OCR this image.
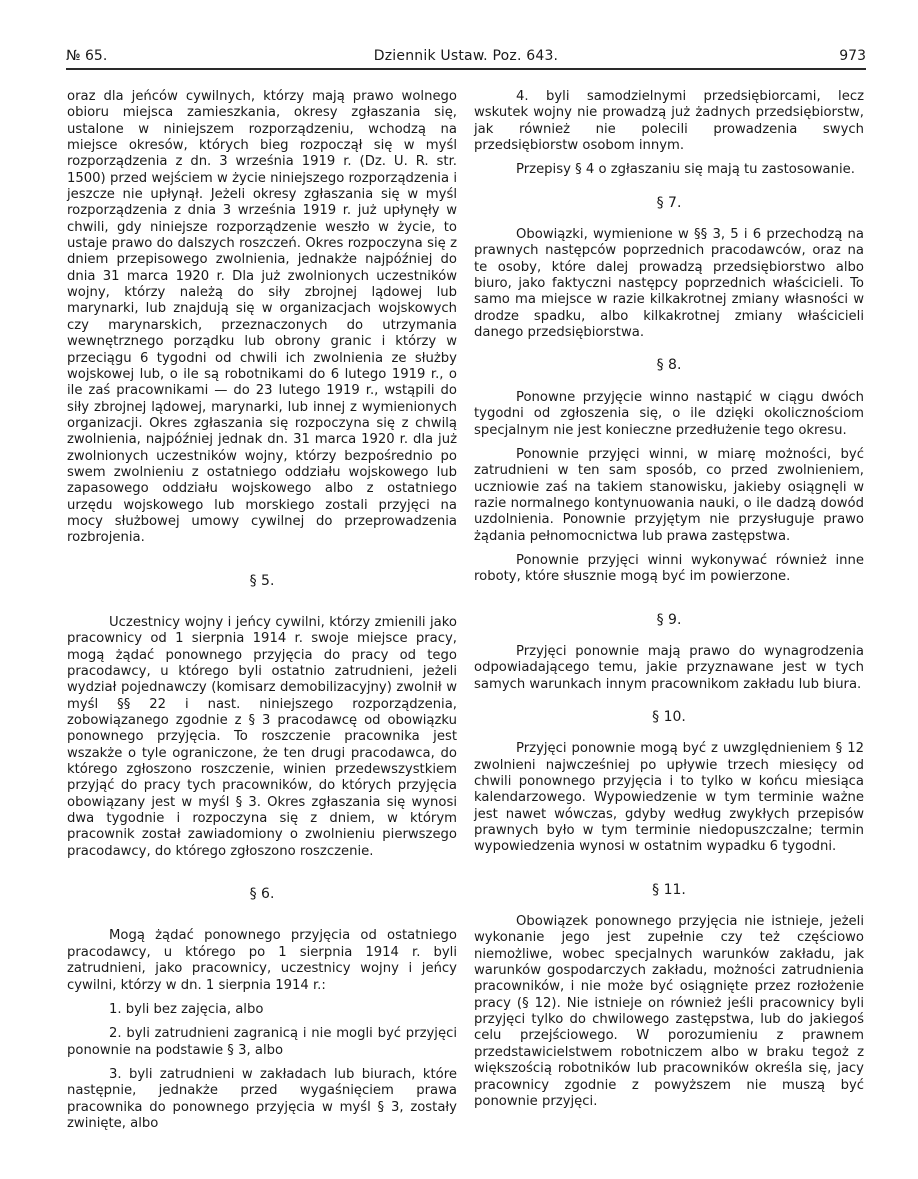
№ 65.	Dziennik Ustaw. Poz. 643.	973

oraz dla jeńców cywilnych, którzy mają prawo wolnego obioru miejsca zamieszkania, okresy zgłaszania się, ustalone w niniejszem rozporządzeniu, wchodzą na miejsce okresów, których bieg rozpoczął się w myśl rozporządzenia z dn. 3 września 1919 r. (Dz. U. R. str. 1500) przed wejściem w życie niniejszego rozporządzenia i jeszcze nie upłynął. Jeżeli okresy zgłaszania się w myśl rozporządzenia z dnia 3 września 1919 r. już upłynęły w chwili, gdy niniejsze rozporządzenie weszło w życie, to ustaje prawo do dalszych roszczeń. Okres rozpoczyna się z dniem przepisowego zwolnienia, jednakże najpóźniej do dnia 31 marca 1920 r. Dla już zwolnionych uczestników wojny, którzy należą do siły zbrojnej lądowej lub marynarki, lub znajdują się w organizacjach wojskowych czy marynarskich, przeznaczonych do utrzymania wewnętrznego porządku lub obrony granic i którzy w przeciągu 6 tygodni od chwili ich zwolnienia ze służby wojskowej lub, o ile są robotnikami do 6 lutego 1919 r., o ile zaś pracownikami — do 23 lutego 1919 r., wstąpili do siły zbrojnej lądowej, marynarki, lub innej z wymienionych organizacji. Okres zgłaszania się rozpoczyna się z chwilą zwolnienia, najpóźniej jednak dn. 31 marca 1920 r. dla już zwolnionych uczestników wojny, którzy bezpośrednio po swem zwolnieniu z ostatniego oddziału wojskowego lub zapasowego oddziału wojskowego albo z ostatniego urzędu wojskowego lub morskiego zostali przyjęci na mocy służbowej umowy cywilnej do przeprowadzenia rozbrojenia.

§ 5.

Uczestnicy wojny i jeńcy cywilni, którzy zmienili jako pracownicy od 1 sierpnia 1914 r. swoje miejsce pracy, mogą żądać ponownego przyjęcia do pracy od tego pracodawcy, u którego byli ostatnio zatrudnieni, jeżeli wydział pojednawczy (komisarz demobilizacyjny) zwolnił w myśl §§ 22 i nast. niniejszego rozporządzenia, zobowiązanego zgodnie z § 3 pracodawcę od obowiązku ponownego przyjęcia. To roszczenie pracownika jest wszakże o tyle ograniczone, że ten drugi pracodawca, do którego zgłoszono roszczenie, winien przedewszystkiem przyjąć do pracy tych pracowników, do których przyjęcia obowiązany jest w myśl § 3. Okres zgłaszania się wynosi dwa tygodnie i rozpoczyna się z dniem, w którym pracownik został zawiadomiony o zwolnieniu pierwszego pracodawcy, do którego zgłoszono roszczenie.

§ 6.

Mogą żądać ponownego przyjęcia od ostatniego pracodawcy, u którego po 1 sierpnia 1914 r. byli zatrudnieni, jako pracownicy, uczestnicy wojny i jeńcy cywilni, którzy w dn. 1 sierpnia 1914 r.:

1. byli bez zajęcia, albo

2. byli zatrudnieni zagranicą i nie mogli być przyjęci ponownie na podstawie § 3, albo

3. byli zatrudnieni w zakładach lub biurach, które następnie, jednakże przed wygaśnięciem prawa pracownika do ponownego przyjęcia w myśl § 3, zostały zwinięte, albo

4. byli samodzielnymi przedsiębiorcami, lecz wskutek wojny nie prowadzą już żadnych przedsiębiorstw, jak również nie polecili prowadzenia swych przedsiębiorstw osobom innym.

Przepisy § 4 o zgłaszaniu się mają tu zastosowanie.

§ 7.

Obowiązki, wymienione w §§ 3, 5 i 6 przechodzą na prawnych następców poprzednich pracodawców, oraz na te osoby, które dalej prowadzą przedsiębiorstwo albo biuro, jako faktyczni następcy poprzednich właścicieli. To samo ma miejsce w razie kilkakrotnej zmiany własności w drodze spadku, albo kilkakrotnej zmiany właścicieli danego przedsiębiorstwa.

§ 8.

Ponowne przyjęcie winno nastąpić w ciągu dwóch tygodni od zgłoszenia się, o ile dzięki okolicznościom specjalnym nie jest konieczne przedłużenie tego okresu.

Ponownie przyjęci winni, w miarę możności, być zatrudnieni w ten sam sposób, co przed zwolnieniem, uczniowie zaś na takiem stanowisku, jakieby osiągnęli w razie normalnego kontynuowania nauki, o ile dadzą dowód uzdolnienia. Ponownie przyjętym nie przysługuje prawo żądania pełnomocnictwa lub prawa zastępstwa.

Ponownie przyjęci winni wykonywać również inne roboty, które słusznie mogą być im powierzone.

§ 9.

Przyjęci ponownie mają prawo do wynagrodzenia odpowiadającego temu, jakie przyznawane jest w tych samych warunkach innym pracownikom zakładu lub biura.

§ 10.

Przyjęci ponownie mogą być z uwzględnieniem § 12 zwolnieni najwcześniej po upływie trzech miesięcy od chwili ponownego przyjęcia i to tylko w końcu miesiąca kalendarzowego. Wypowiedzenie w tym terminie ważne jest nawet wówczas, gdyby według zwykłych przepisów prawnych było w tym terminie niedopuszczalne; termin wypowiedzenia wynosi w ostatnim wypadku 6 tygodni.

§ 11.

Obowiązek ponownego przyjęcia nie istnieje, jeżeli wykonanie jego jest zupełnie czy też częściowo niemożliwe, wobec specjalnych warunków zakładu, jak warunków gospodarczych zakładu, możności zatrudnienia pracowników, i nie może być osiągnięte przez rozłożenie pracy (§ 12). Nie istnieje on również jeśli pracownicy byli przyjęci tylko do chwilowego zastępstwa, lub do jakiegoś celu przejściowego. W porozumieniu z prawnem przedstawicielstwem robotniczem albo w braku tegoż z większością robotników lub pracowników określa się, jacy pracownicy zgodnie z powyższem nie muszą być ponownie przyjęci.
